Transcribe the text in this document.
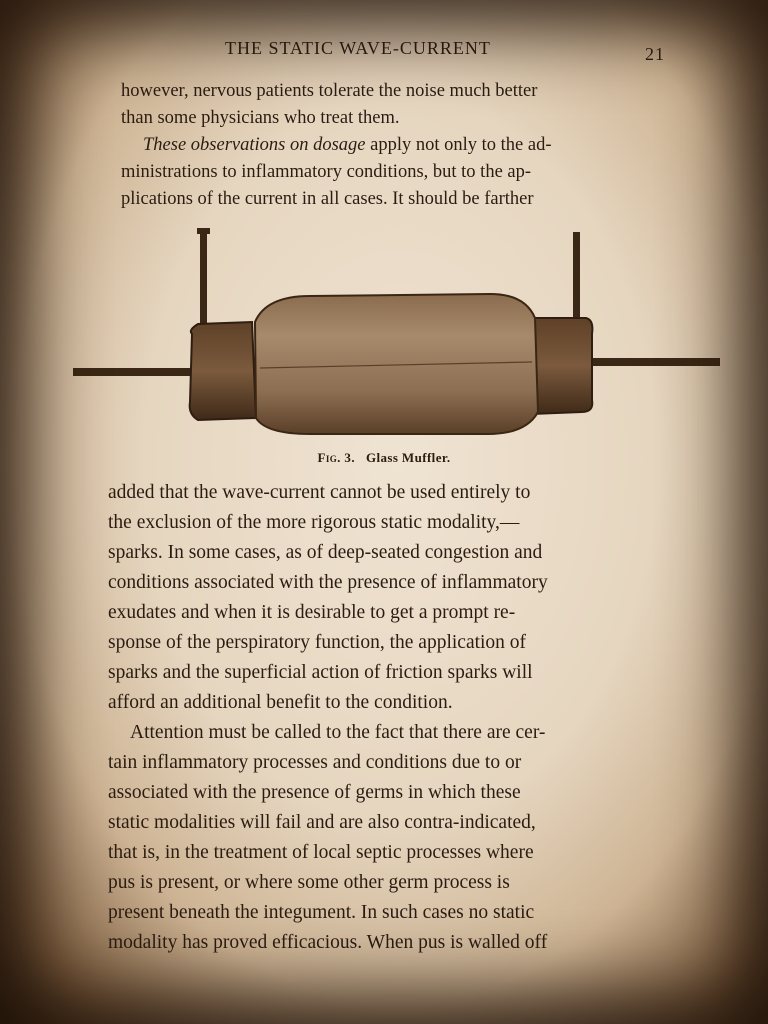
THE STATIC WAVE-CURRENT	21
however, nervous patients tolerate the noise much better
than some physicians who treat them.
These observations on dosage apply not only to the ad-
ministrations to inflammatory conditions, but to the ap-
plications of the current in all cases. It should be farther
Fig. 3. Glass Muffler.
added that the wave-current cannot be used entirely to
the exclusion of the more rigorous static modality,—
sparks. In some cases, as of deep-seated congestion and
conditions associated with the presence of inflammatory
exudates and when it is desirable to get a prompt re-
sponse of the perspiratory function, the application of
sparks and the superficial action of friction sparks will
afford an additional benefit to the condition.
Attention must be called to the fact that there are cer-
tain inflammatory processes and conditions due to or
associated with the presence of germs in which these
static modalities will fail and are also contra-indicated,
that is, in the treatment of local septic processes where
pus is present, or where some other germ process is
present beneath the integument. In such cases no static
modality has proved efficacious. When pus is walled off
